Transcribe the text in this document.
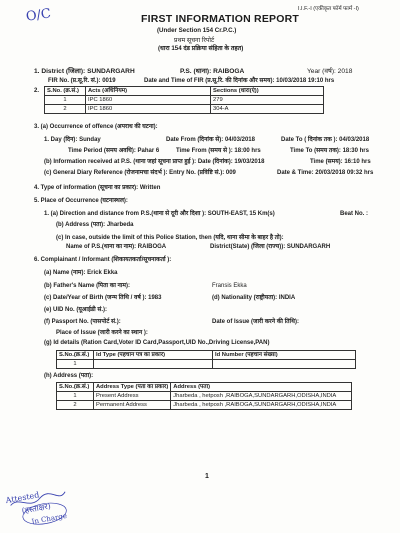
O/C	I.I.F.-I (एकीकृत फॉर्म फार्म -I)
FIRST INFORMATION REPORT
(Under Section 154 Cr.P.C.)
प्रथम सूचना रिपोर्ट
(धारा 154 दंड प्रक्रिया संहिता के तहत)
1. District (जिला): SUNDARGARH	P.S. (थाना): RAIBOGA	Year (वर्ष): 2018
FIR No. (प्र.सू.रि. सं.): 0019	Date and Time of FIR (प्र.सू.रि. की दिनांक और समय): 10/03/2018 19:10 hrs
2. S.No. (क्र.सं.)	Acts (अधिनियम)	Sections (धारा(एं))
1	IPC 1860	279
2	IPC 1860	304-A
3. (a) Occurrence of offence (अपराध की घटना):
1. Day (दिन): Sunday	Date From (दिनांक से): 04/03/2018	Date To ( दिनांक तक ): 04/03/2018
Time Period (समय अवधि): Pahar 6	Time From (समय से ): 18:00 hrs	Time To (समय तक): 18:30 hrs
(b) Information received at P.S. (थाना जहां सूचना प्राप्त हुई ): Date (दिनांक): 19/03/2018	Time (समय): 16:10 hrs
(c) General Diary Reference (रोजनामचा संदर्भ ): Entry No. (प्रविष्टि सं.): 009	Date & Time: 20/03/2018 09:32 hrs
4. Type of information (सूचना का प्रकार): Written
5. Place of Occurrence (घटनास्थल):
1. (a) Direction and distance from P.S.(थाना से दूरी और दिशा ): SOUTH-EAST, 15 Km(s)	Beat No. :
(b) Address (पता): Jharbeda
(c) In case, outside the limit of this Police Station, then (यदि, थाना सीमा के बाहर है तो):
Name of P.S.(थाना का नाम): RAIBOGA	District(State) (जिला (राज्य)): SUNDARGARH
6. Complainant / Informant (शिकायतकर्ता/सूचनाकर्ता ):
(a) Name (नाम): Erick Ekka
(b) Father's Name (पिता का नाम):	Fransis Ekka
(c) Date/Year of Birth (जन्म तिथि / वर्ष ): 1983	(d) Nationality (राष्ट्रीयता): INDIA
(e) UID No. (यूआईडी सं.):
(f) Passport No. (पासपोर्ट सं.):	Date of Issue (जारी करने की तिथि):
Place of Issue (जारी करने का स्थान ):
(g) Id details (Ration Card,Voter ID Card,Passport,UID No.,Driving License,PAN)
S.No.(क्र.सं.)	Id Type (पहचान पत्र का प्रकार)	Id Number (पहचान संख्या)
1		
(h) Address (पता):
S.No.(क्र.सं.)	Address Type (पता का प्रकार)	Address (पता)
1	Present Address	Jharbeda , hetposh ,RAIBOGA,SUNDARGARH,ODISHA,INDIA
2	Permanent Address	Jharbeda , hetposh ,RAIBOGA,SUNDARGARH,ODISHA,INDIA
1
Attested
(हस्ताक्षर)
In Charge
